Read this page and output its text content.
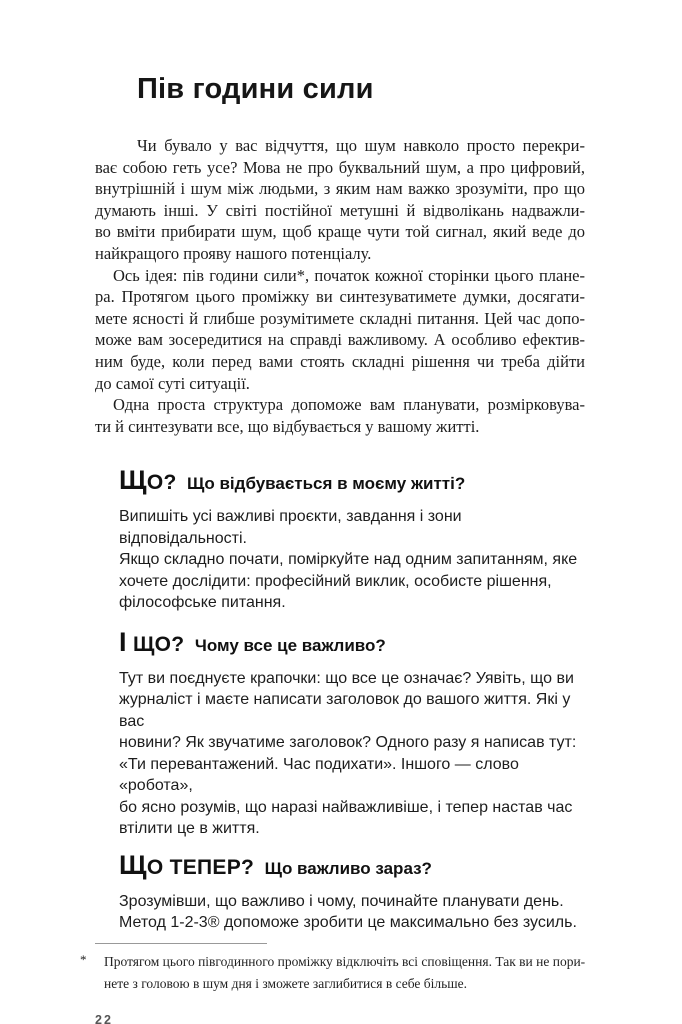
Пів години сили
Чи бувало у вас відчуття, що шум навколо просто перекри-
ває собою геть усе? Мова не про буквальний шум, а про цифровий,
внутрішній і шум між людьми, з яким нам важко зрозуміти, про що
думають інші. У світі постійної метушні й відволікань надважли-
во вміти прибирати шум, щоб краще чути той сигнал, який веде до
найкращого прояву нашого потенціалу.
Ось ідея: пів години сили*, початок кожної сторінки цього плане-
ра. Протягом цього проміжку ви синтезуватимете думки, досягати-
мете ясності й глибше розумітимете складні питання. Цей час допо-
може вам зосередитися на справді важливому. А особливо ефектив-
ним буде, коли перед вами стоять складні рішення чи треба дійти
до самої суті ситуації.
Одна проста структура допоможе вам планувати, розмірковува-
ти й синтезувати все, що відбувається у вашому житті.
ЩО? Що відбувається в моєму житті?
Випишіть усі важливі проєкти, завдання і зони відповідальності.
Якщо складно почати, поміркуйте над одним запитанням, яке
хочете дослідити: професійний виклик, особисте рішення,
філософське питання.
І ЩО? Чому все це важливо?
Тут ви поєднуєте крапочки: що все це означає? Уявіть, що ви
журналіст і маєте написати заголовок до вашого життя. Які у вас
новини? Як звучатиме заголовок? Одного разу я написав тут:
«Ти перевантажений. Час подихати». Іншого — слово «робота»,
бо ясно розумів, що наразі найважливіше, і тепер настав час
втілити це в життя.
ЩО ТЕПЕР? Що важливо зараз?
Зрозумівши, що важливо і чому, починайте планувати день.
Метод 1-2-3® допоможе зробити це максимально без зусиль.
*	Протягом цього півгодинного проміжку відключіть всі сповіщення. Так ви не пори-
нете з головою в шум дня і зможете заглибитися в себе більше.
22
